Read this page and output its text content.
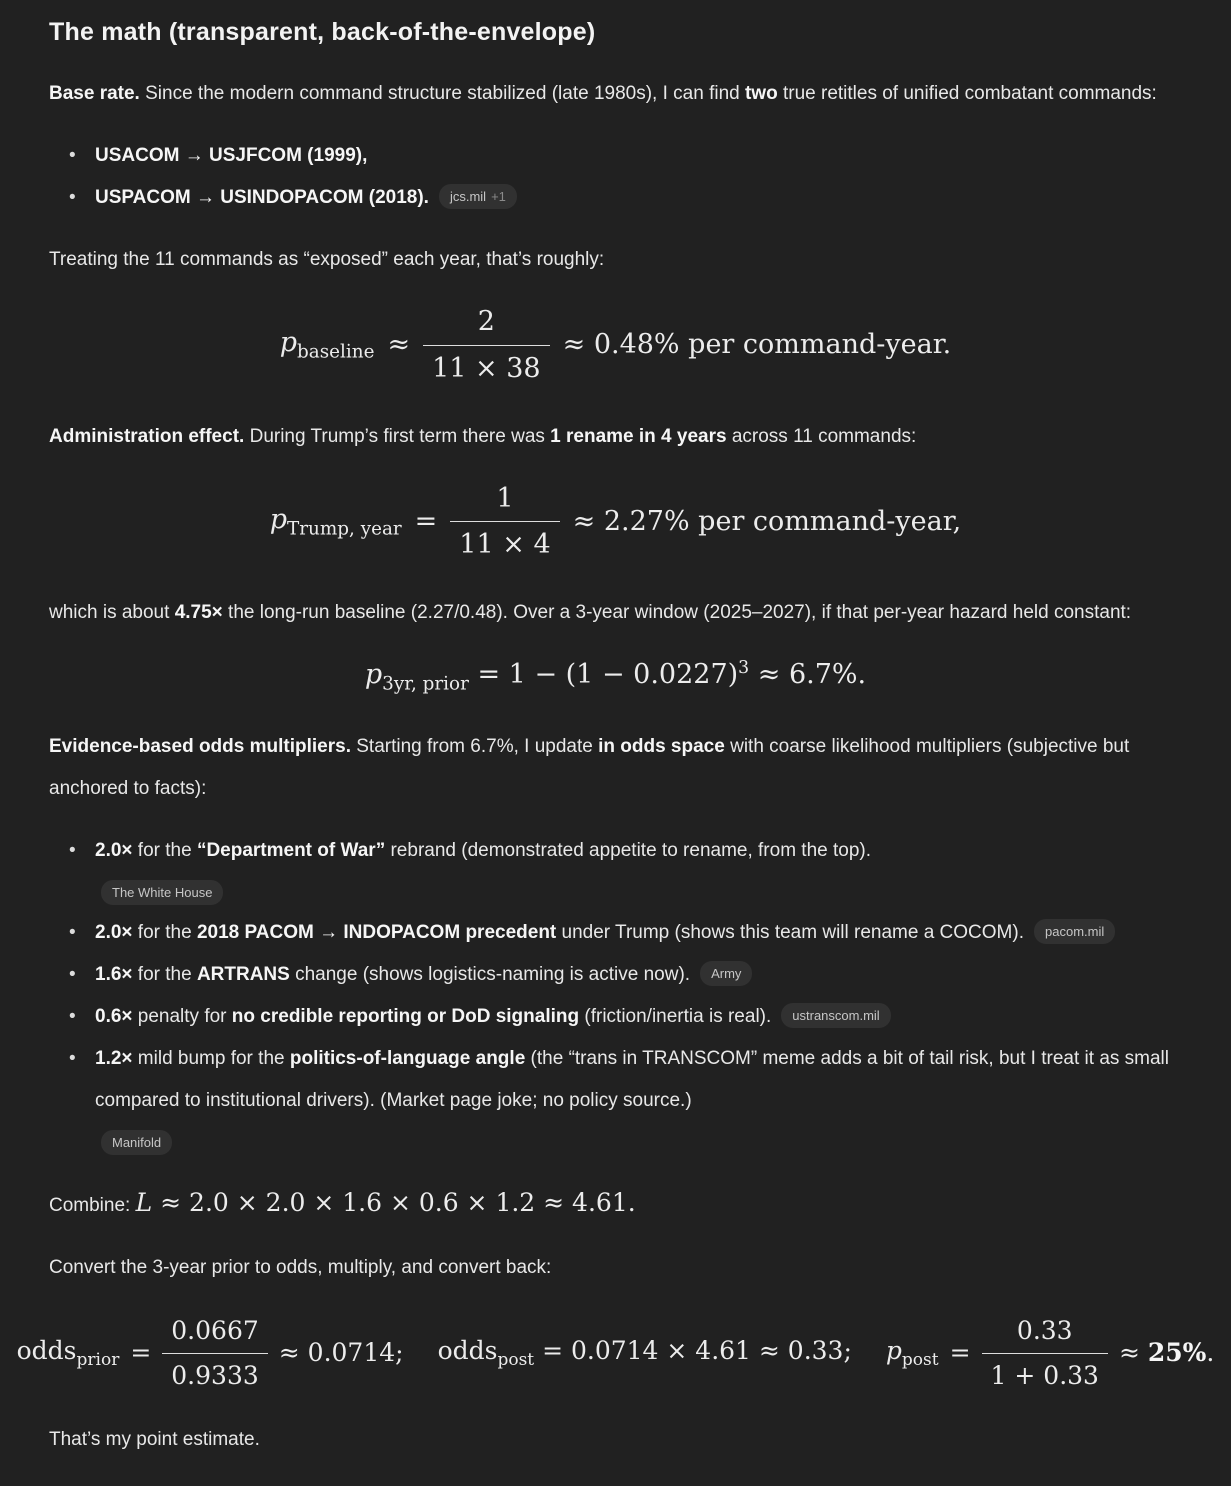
The math (transparent, back-of-the-envelope)

Base rate. Since the modern command structure stabilized (late 1980s), I can find two true retitles of unified combatant commands:

• USACOM → USJFCOM (1999),
• USPACOM → USINDOPACOM (2018). jcs.mil +1

Treating the 11 commands as “exposed” each year, that’s roughly:

$p_{baseline} \approx \frac{2}{11 \times 38} \approx 0.48\%$ per command-year.

Administration effect. During Trump’s first term there was 1 rename in 4 years across 11 commands:

$p_{Trump, year} = \frac{1}{11 \times 4} \approx 2.27\%$ per command-year,

which is about 4.75× the long-run baseline (2.27/0.48). Over a 3-year window (2025–2027), if that per-year hazard held constant:

$p_{3yr, prior} = 1 - (1 - 0.0227)^3 \approx 6.7\%$.

Evidence-based odds multipliers. Starting from 6.7%, I update in odds space with coarse likelihood multipliers (subjective but anchored to facts):

• 2.0× for the “Department of War” rebrand (demonstrated appetite to rename, from the top).
The White House
• 2.0× for the 2018 PACOM → INDOPACOM precedent under Trump (shows this team will rename a COCOM). pacom.mil
• 1.6× for the ARTRANS change (shows logistics-naming is active now). Army
• 0.6× penalty for no credible reporting or DoD signaling (friction/inertia is real). ustranscom.mil
• 1.2× mild bump for the politics-of-language angle (the “trans in TRANSCOM” meme adds a bit of tail risk, but I treat it as small compared to institutional drivers). (Market page joke; no policy source.)
Manifold

Combine: L ≈ 2.0 × 2.0 × 1.6 × 0.6 × 1.2 ≈ 4.61.

Convert the 3-year prior to odds, multiply, and convert back:

odds$_{prior}$ = $\frac{0.0667}{0.9333} \approx 0.0714$; odds$_{post}$ = 0.0714 × 4.61 ≈ 0.33; $p_{post} = \frac{0.33}{1 + 0.33} \approx 25\%$.

That’s my point estimate.
